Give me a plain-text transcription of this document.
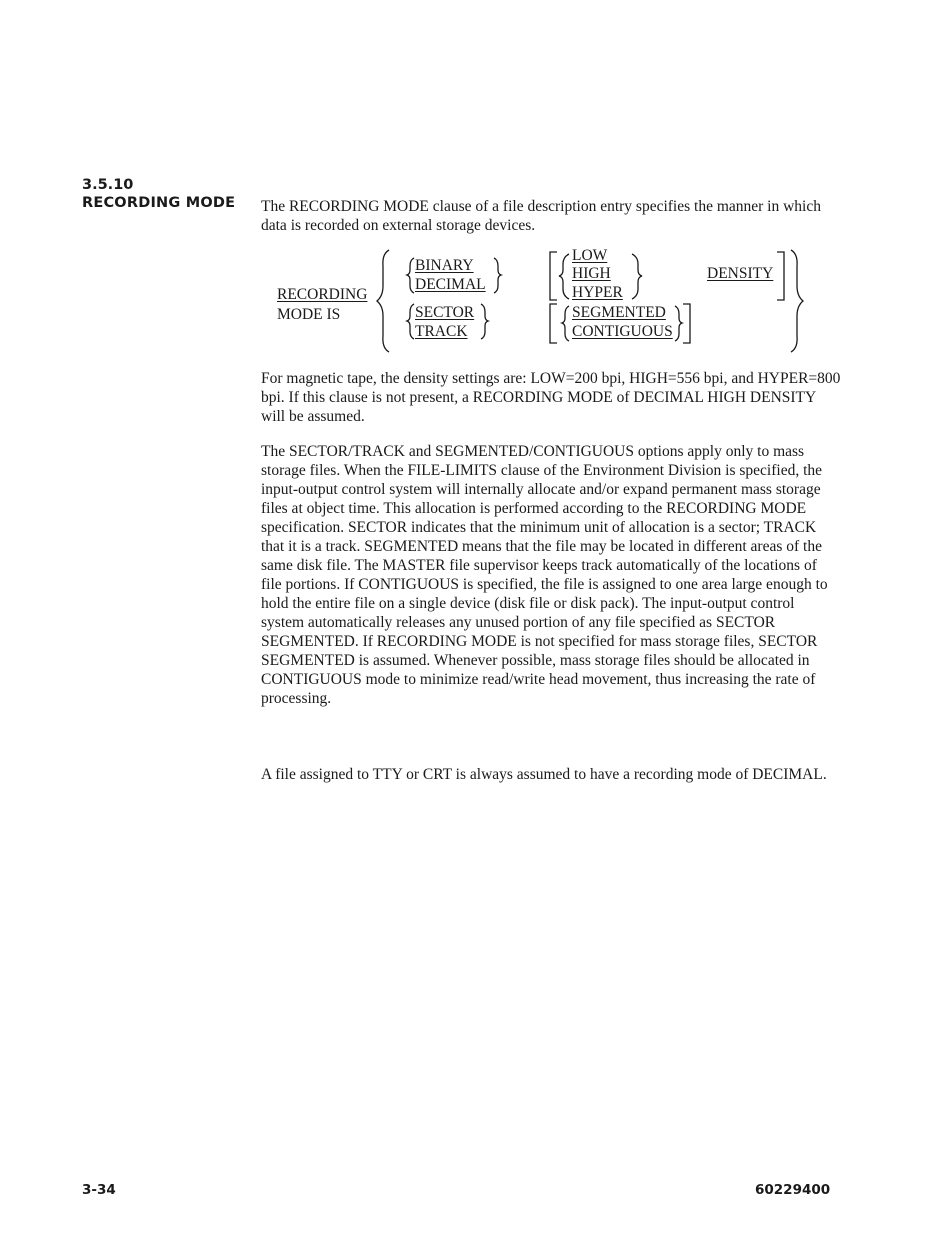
3.5.10
RECORDING MODE The RECORDING MODE clause of a file description entry specifies the manner in which data is recorded on external storage devices.

RECORDING
MODE IS
BINARY
DECIMAL
SECTOR
TRACK
LOW
HIGH
HYPER
DENSITY
SEGMENTED
CONTIGUOUS

For magnetic tape, the density settings are: LOW=200 bpi, HIGH=556 bpi, and HYPER=800 bpi. If this clause is not present, a RECORDING MODE of DECIMAL HIGH DENSITY will be assumed.

The SECTOR/TRACK and SEGMENTED/CONTIGUOUS options apply only to mass storage files. When the FILE-LIMITS clause of the Environment Division is specified, the input-output control system will internally allocate and/or expand permanent mass storage files at object time. This allocation is performed according to the RECORDING MODE specification. SECTOR indicates that the minimum unit of allocation is a sector; TRACK that it is a track. SEGMENTED means that the file may be located in different areas of the same disk file. The MASTER file supervisor keeps track automatically of the locations of file portions. If CONTIGUOUS is specified, the file is assigned to one area large enough to hold the entire file on a single device (disk file or disk pack). The input-output control system automatically releases any unused portion of any file specified as SECTOR SEGMENTED. If RECORDING MODE is not specified for mass storage files, SECTOR SEGMENTED is assumed. Whenever possible, mass storage files should be allocated in CONTIGUOUS mode to minimize read/write head movement, thus increasing the rate of processing.

A file assigned to TTY or CRT is always assumed to have a recording mode of DECIMAL.

3-34	60229400
